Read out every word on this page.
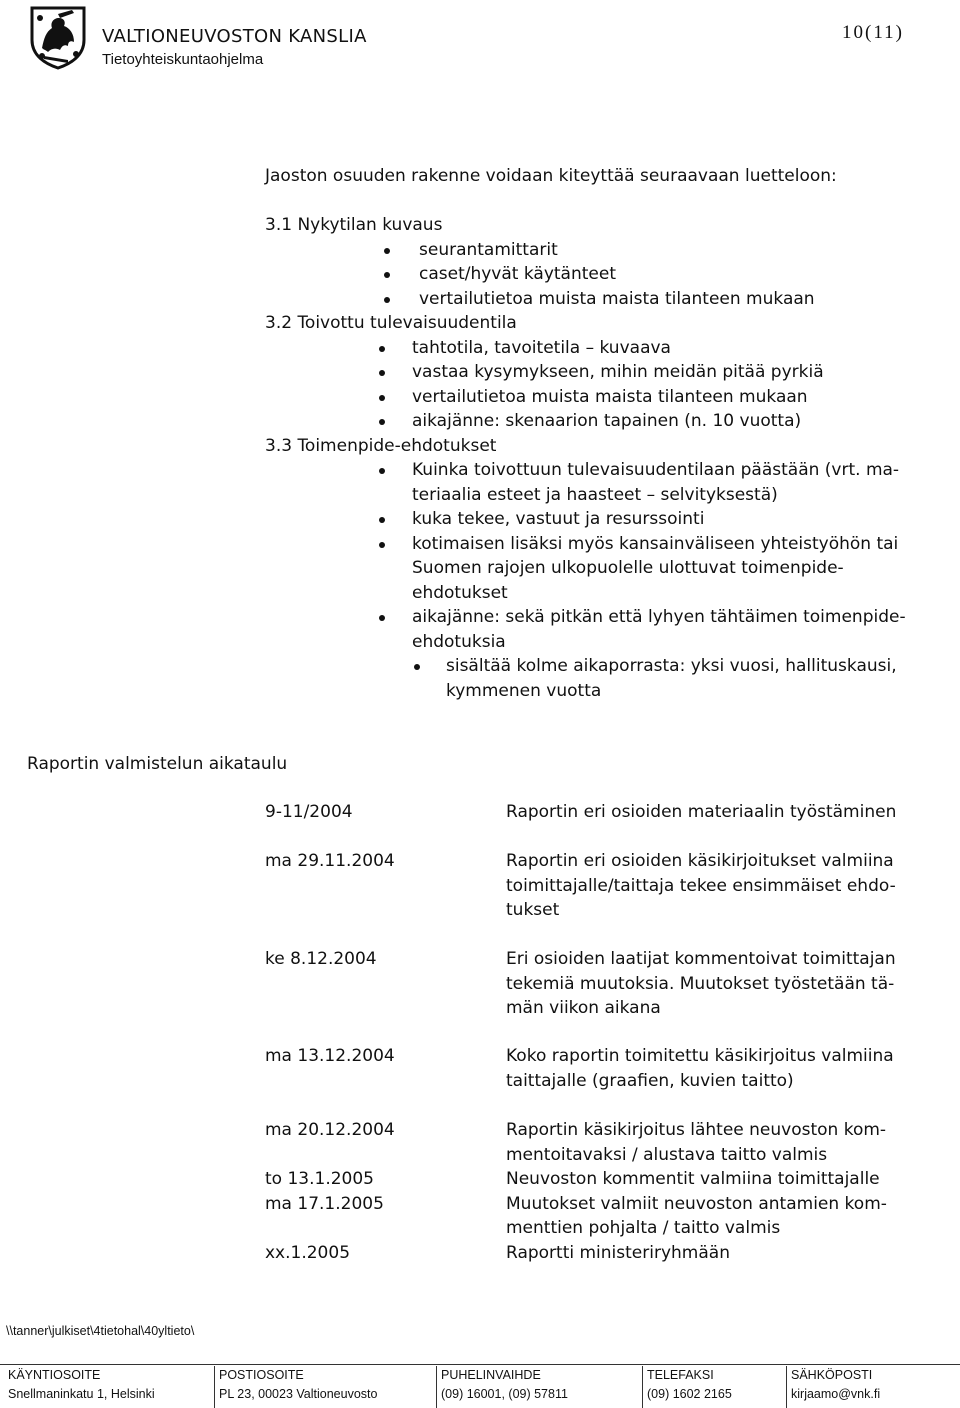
VALTIONEUVOSTON KANSLIA
Tietoyhteiskuntaohjelma
10(11)
Jaoston osuuden rakenne voidaan kiteyttää seuraavaan luetteloon:
3.1 Nykytilan kuvaus
seurantamittarit
caset/hyvät käytänteet
vertailutietoa muista maista tilanteen mukaan
3.2 Toivottu tulevaisuudentila
tahtotila, tavoitetila – kuvaava
vastaa kysymykseen, mihin meidän pitää pyrkiä
vertailutietoa muista maista tilanteen mukaan
aikajänne: skenaarion tapainen (n. 10 vuotta)
3.3 Toimenpide-ehdotukset
Kuinka toivottuun tulevaisuudentilaan päästään (vrt. ma-
teriaalia esteet ja haasteet – selvityksestä)
kuka tekee, vastuut ja resurssointi
kotimaisen lisäksi myös kansainväliseen yhteistyöhön tai
Suomen rajojen ulkopuolelle ulottuvat toimenpide-
ehdotukset
aikajänne: sekä pitkän että lyhyen tähtäimen toimenpide-
ehdotuksia
sisältää kolme aikaporrasta: yksi vuosi, hallituskausi,
kymmenen vuotta
Raportin valmistelun aikataulu
9-11/2004	Raportin eri osioiden materiaalin työstäminen
ma 29.11.2004	Raportin eri osioiden käsikirjoitukset valmiina
toimittajalle/taittaja tekee ensimmäiset ehdo-
tukset
ke 8.12.2004	Eri osioiden laatijat kommentoivat toimittajan
tekemiä muutoksia. Muutokset työstetään tä-
män viikon aikana
ma 13.12.2004	Koko raportin toimitettu käsikirjoitus valmiina
taittajalle (graafien, kuvien taitto)
ma 20.12.2004	Raportin käsikirjoitus lähtee neuvoston kom-
mentoitavaksi / alustava taitto valmis
to 13.1.2005	Neuvoston kommentit valmiina toimittajalle
ma 17.1.2005	Muutokset valmiit neuvoston antamien kom-
menttien pohjalta / taitto valmis
xx.1.2005	Raportti ministeriryhmään
\\tanner\julkiset\4tietohal\40yltieto\
KÄYNTIOSOITE
Snellmaninkatu 1, Helsinki
POSTIOSOITE
PL 23, 00023 Valtioneuvosto
PUHELINVAIHDE
(09) 16001, (09) 57811
TELEFAKSI
(09) 1602 2165
SÄHKÖPOSTI
kirjaamo@vnk.fi
